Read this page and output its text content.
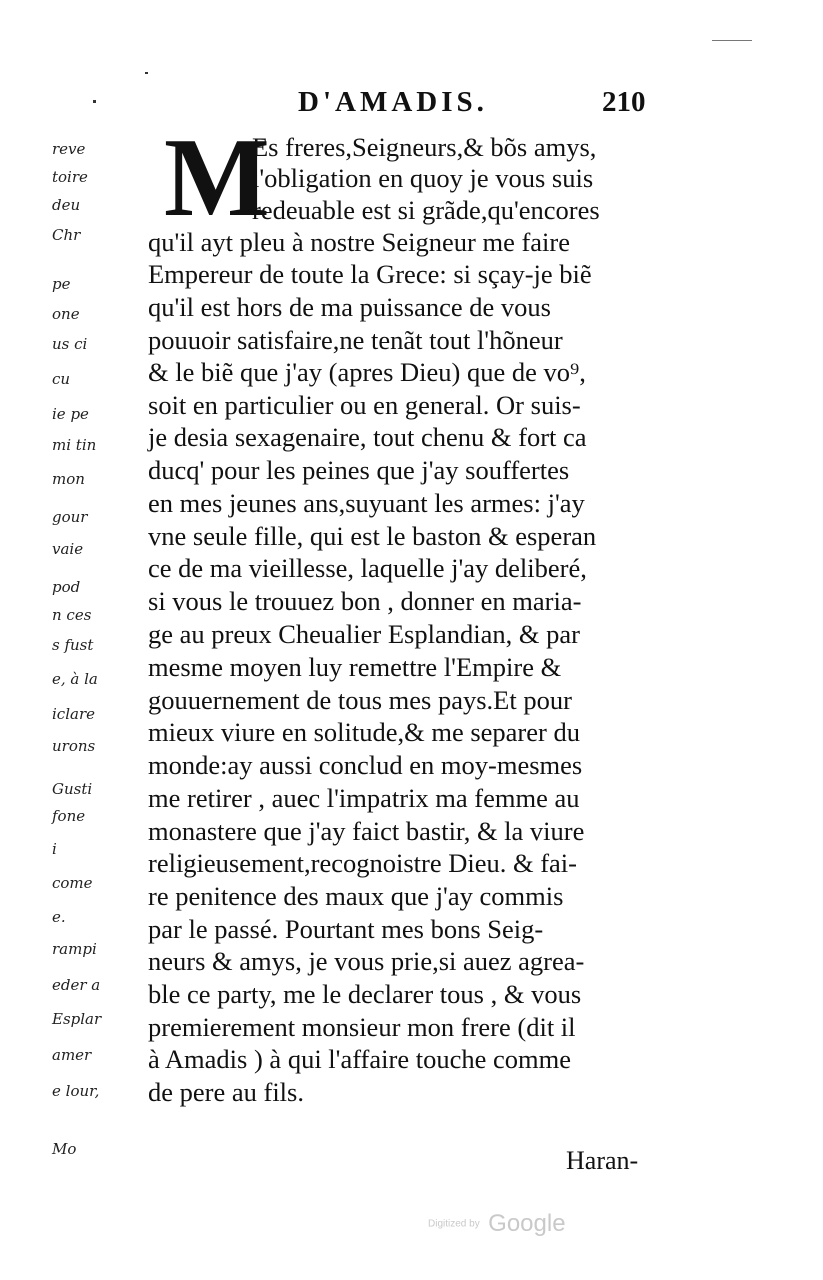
reve
toire
deu
Chr
pe
one
us ci
cu
ie pe
mi tin
mon
gour
vaie
pod
n ces
s fust
e, à la
iclare
urons
Gusti
fone
i
come
e.
rampi
eder a
Esplar
amer
e lour,
Mo
D'AMADIS.	210
M
Es freres,Seigneurs,& bõs amys,
l'obligation en quoy je vous suis
redeuable est si grãde,qu'encores
qu'il ayt pleu à nostre Seigneur me faire
Empereur de toute la Grece: si sçay-je biẽ
qu'il est hors de ma puissance de vous
pouuoir satisfaire,ne tenãt tout l'hõneur
& le biẽ que j'ay (apres Dieu) que de vo⁹,
soit en particulier ou en general. Or suis-
je desia sexagenaire, tout chenu & fort ca
ducq' pour les peines que j'ay souffertes
en mes jeunes ans,suyuant les armes: j'ay
vne seule fille, qui est le baston & esperan
ce de ma vieillesse, laquelle j'ay deliberé,
si vous le trouuez bon , donner en maria-
ge au preux Cheualier Esplandian, & par
mesme moyen luy remettre l'Empire &
gouuernement de tous mes pays.Et pour
mieux viure en solitude,& me separer du
monde:ay aussi conclud en moy-mesmes
me retirer , auec l'impatrix ma femme au
monastere que j'ay faict bastir, & la viure
religieusement,recognoistre Dieu. & fai-
re penitence des maux que j'ay commis
par le passé. Pourtant mes bons Seig-
neurs & amys, je vous prie,si auez agrea-
ble ce party, me le declarer tous , & vous
premierement monsieur mon frere (dit il
à Amadis ) à qui l'affaire touche comme
de pere au fils.
Haran-
Digitized by Google
